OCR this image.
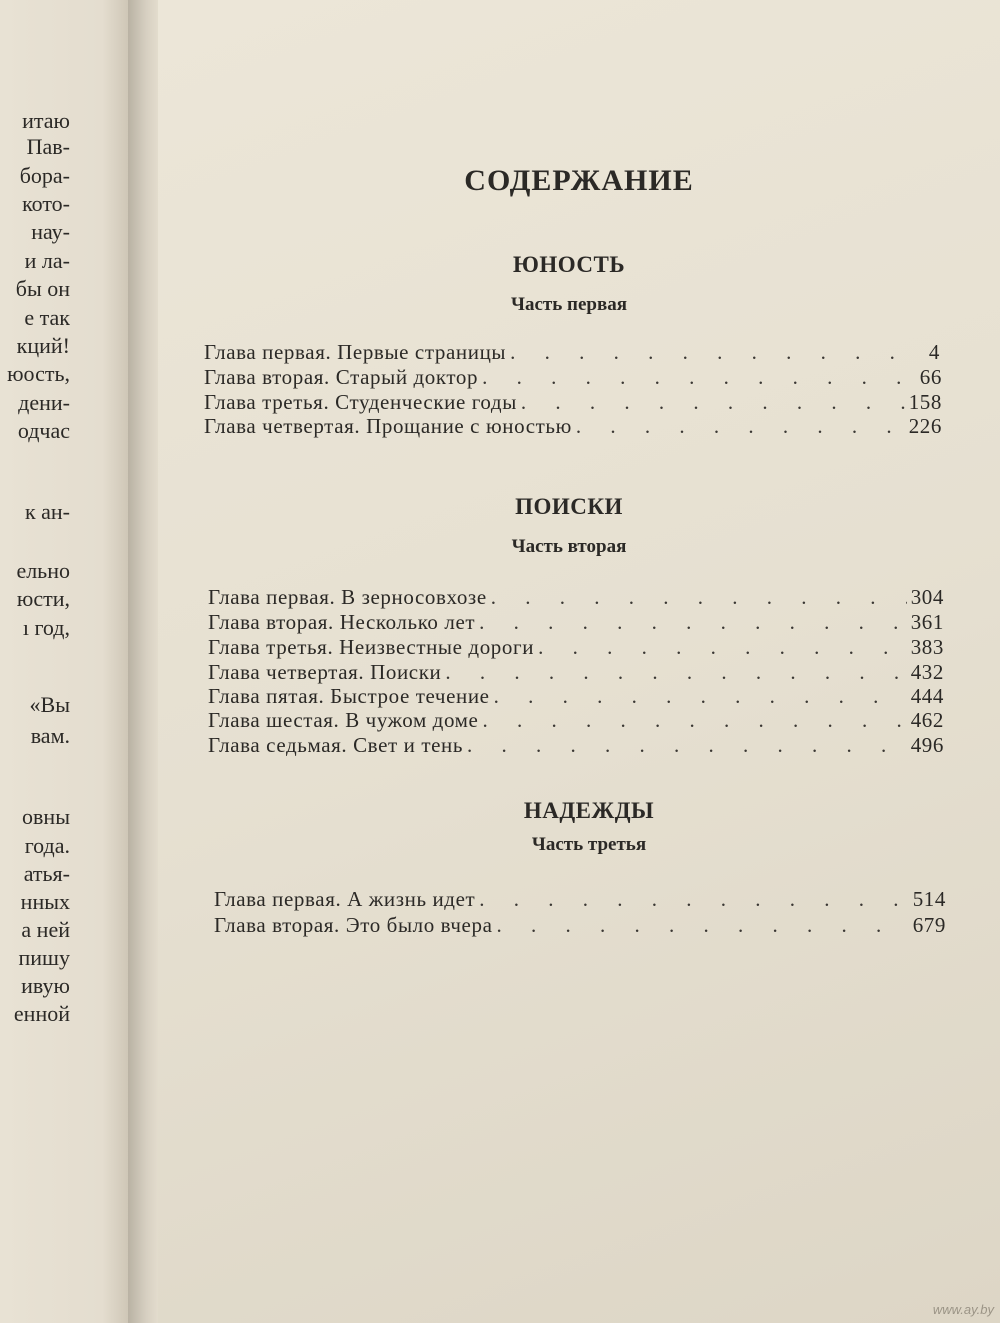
итаю
Пав-
бора-
кото-
нау-
и ла-
бы он
е так
кций!
юость,
дени-
одчас
к ан-
ельно
юсти,
ı год,
«Вы
вам.
овны
года.
атья-
нных
а ней
пишу
ивую
енной
СОДЕРЖАНИЕ
ЮНОСТЬ
Часть первая
Глава первая. Первые страницы . . .	4
Глава вторая. Старый доктор . . .	66
Глава третья. Студенческие годы . . .	158
Глава четвертая. Прощание с юностью . . .	226
ПОИСКИ
Часть вторая
Глава первая. В зерносовхозе . . .	304
Глава вторая. Несколько лет . . .	361
Глава третья. Неизвестные дороги . . .	383
Глава четвертая. Поиски . . .	432
Глава пятая. Быстрое течение . . .	444
Глава шестая. В чужом доме . . .	462
Глава седьмая. Свет и тень . . .	496
НАДЕЖДЫ
Часть третья
Глава первая. А жизнь идет . . .	514
Глава вторая. Это было вчера . . .	679
www.ay.by
